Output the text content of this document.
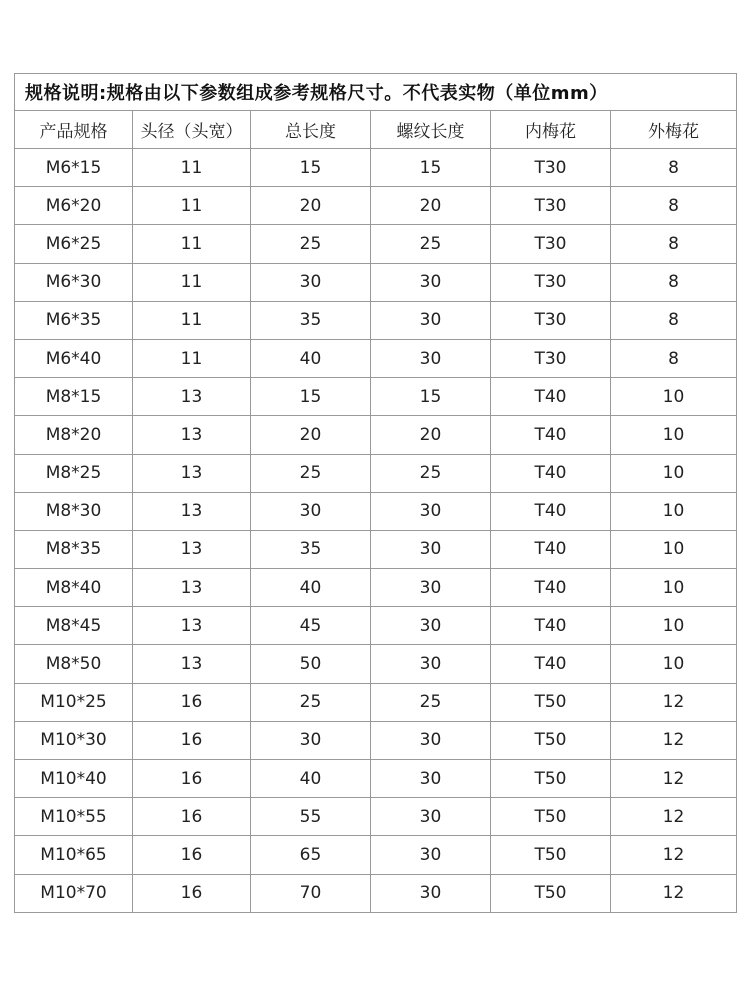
规格说明:规格由以下参数组成参考规格尺寸。不代表实物（单位mm）					
产品规格	头径（头宽）	总长度	螺纹长度	内梅花	外梅花
M6*15	11	15	15	T30	8
M6*20	11	20	20	T30	8
M6*25	11	25	25	T30	8
M6*30	11	30	30	T30	8
M6*35	11	35	30	T30	8
M6*40	11	40	30	T30	8
M8*15	13	15	15	T40	10
M8*20	13	20	20	T40	10
M8*25	13	25	25	T40	10
M8*30	13	30	30	T40	10
M8*35	13	35	30	T40	10
M8*40	13	40	30	T40	10
M8*45	13	45	30	T40	10
M8*50	13	50	30	T40	10
M10*25	16	25	25	T50	12
M10*30	16	30	30	T50	12
M10*40	16	40	30	T50	12
M10*55	16	55	30	T50	12
M10*65	16	65	30	T50	12
M10*70	16	70	30	T50	12
